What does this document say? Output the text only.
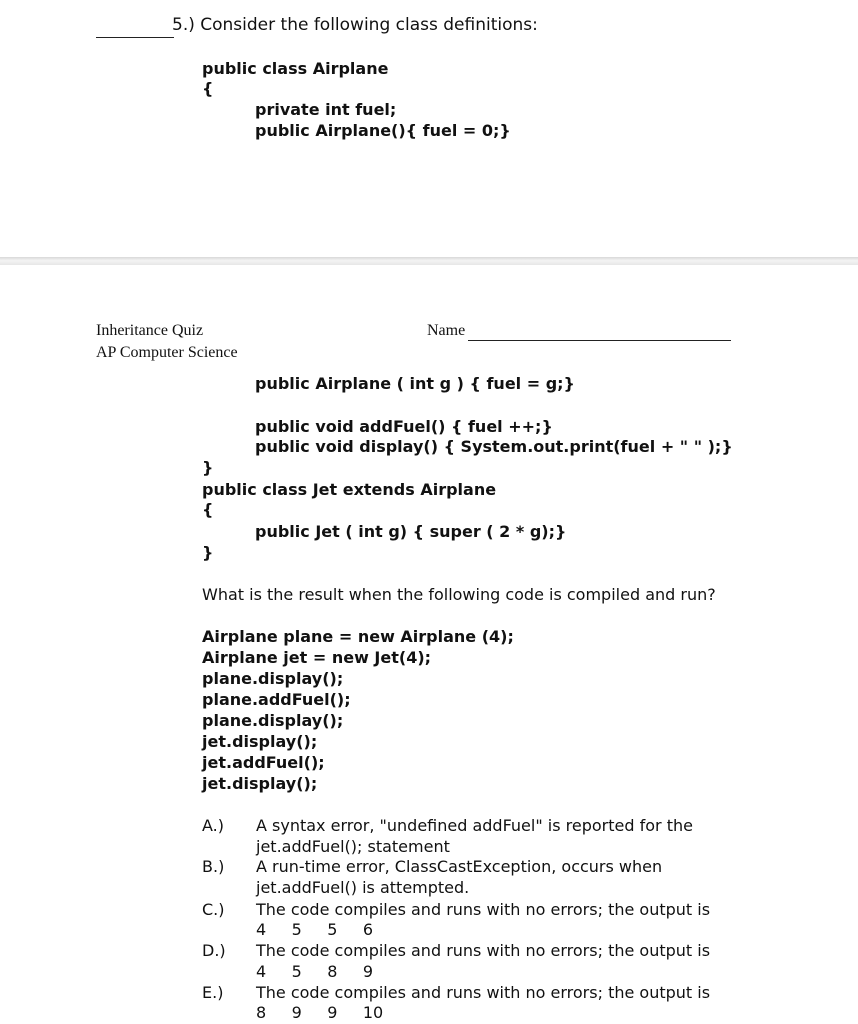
5.) Consider the following class definitions:
public class Airplane
{
private int fuel;
public Airplane(){ fuel = 0;}
Inheritance Quiz
AP Computer Science
Name
public Airplane ( int g ) { fuel = g;}
public void addFuel() { fuel ++;}
public void display() { System.out.print(fuel + " " );}
}
public class Jet extends Airplane
{
public Jet ( int g) { super ( 2 * g);}
}
What is the result when the following code is compiled and run?
Airplane plane = new Airplane (4);
Airplane jet = new Jet(4);
plane.display();
plane.addFuel();
plane.display();
jet.display();
jet.addFuel();
jet.display();
A.) A syntax error, "undefined addFuel" is reported for the
jet.addFuel(); statement
B.) A run-time error, ClassCastException, occurs when
jet.addFuel() is attempted.
C.) The code compiles and runs with no errors; the output is
4     5     5     6
D.) The code compiles and runs with no errors; the output is
4     5     8     9
E.) The code compiles and runs with no errors; the output is
8     9     9     10
